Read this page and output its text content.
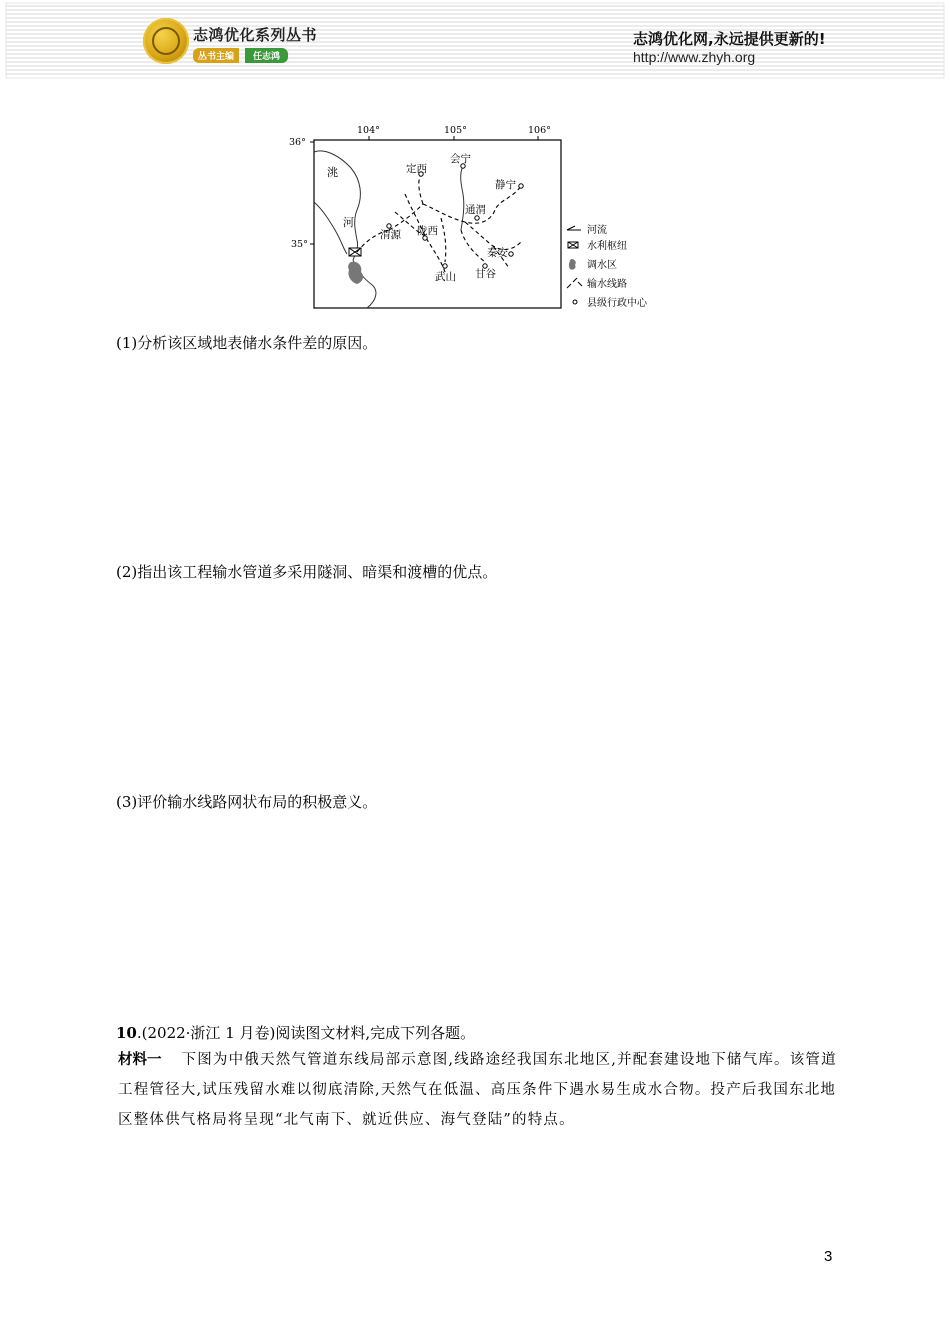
志鸿优化系列丛书
丛书主编	任志鸿
志鸿优化网,永远提供更新的!
http://www.zhyh.org
104°	105°	106°
36°
35°
洮
河
定西
会宁
静宁
通渭
渭源 陇西
秦安
武山 甘谷
河流
水利枢纽
调水区
输水线路
县级行政中心
(1)分析该区域地表储水条件差的原因。
(2)指出该工程输水管道多采用隧洞、暗渠和渡槽的优点。
(3)评价输水线路网状布局的积极意义。
10.(2022·浙江 1 月卷)阅读图文材料,完成下列各题。
材料一 下图为中俄天然气管道东线局部示意图,线路途经我国东北地区,并配套建设地下储气库。该管道工程管径大,试压残留水难以彻底清除,天然气在低温、高压条件下遇水易生成水合物。投产后我国东北地区整体供气格局将呈现“北气南下、就近供应、海气登陆”的特点。
3
